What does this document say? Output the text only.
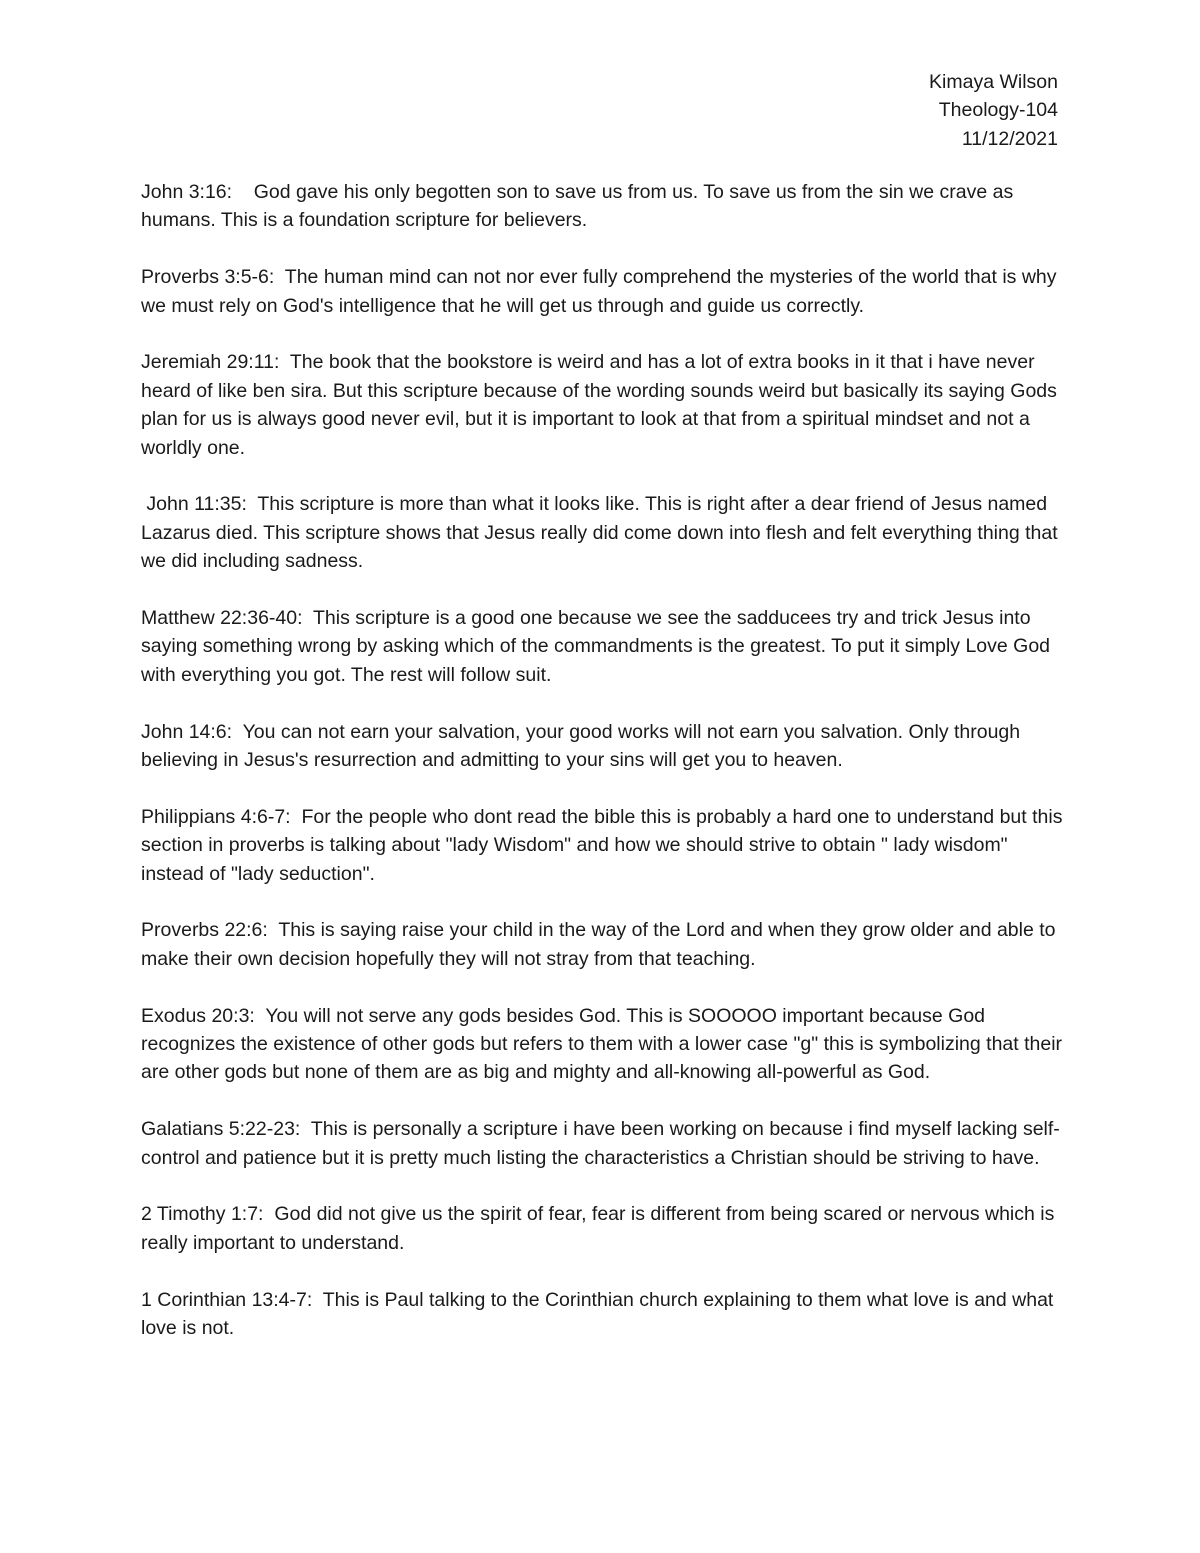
Kimaya Wilson
Theology-104
11/12/2021
John 3:16:    God gave his only begotten son to save us from us. To save us from the sin we crave as humans. This is a foundation scripture for believers.
Proverbs 3:5-6:  The human mind can not nor ever fully comprehend the mysteries of the world that is why we must rely on God's intelligence that he will get us through and guide us correctly.
Jeremiah 29:11:  The book that the bookstore is weird and has a lot of extra books in it that i have never heard of like ben sira. But this scripture because of the wording sounds weird but basically its saying Gods plan for us is always good never evil, but it is important to look at that from a spiritual mindset and not a worldly one.
John 11:35:  This scripture is more than what it looks like. This is right after a dear friend of Jesus named Lazarus died. This scripture shows that Jesus really did come down into flesh and felt everything thing that we did including sadness.
Matthew 22:36-40:  This scripture is a good one because we see the sadducees try and trick Jesus into saying something wrong by asking which of the commandments is the greatest. To put it simply Love God with everything you got. The rest will follow suit.
John 14:6:  You can not earn your salvation, your good works will not earn you salvation. Only through believing in Jesus's resurrection and admitting to your sins will get you to heaven.
Philippians 4:6-7:  For the people who dont read the bible this is probably a hard one to understand but this section in proverbs is talking about "lady Wisdom" and how we should strive to obtain " lady wisdom" instead of "lady seduction".
Proverbs 22:6:  This is saying raise your child in the way of the Lord and when they grow older and able to make their own decision hopefully they will not stray from that teaching.
Exodus 20:3:  You will not serve any gods besides God. This is SOOOOO important because God recognizes the existence of other gods but refers to them with a lower case "g" this is symbolizing that their are other gods but none of them are as big and mighty and all-knowing all-powerful as God.
Galatians 5:22-23:  This is personally a scripture i have been working on because i find myself lacking self-control and patience but it is pretty much listing the characteristics a Christian should be striving to have.
2 Timothy 1:7:  God did not give us the spirit of fear, fear is different from being scared or nervous which is really important to understand.
1 Corinthian 13:4-7:  This is Paul talking to the Corinthian church explaining to them what love is and what love is not.
